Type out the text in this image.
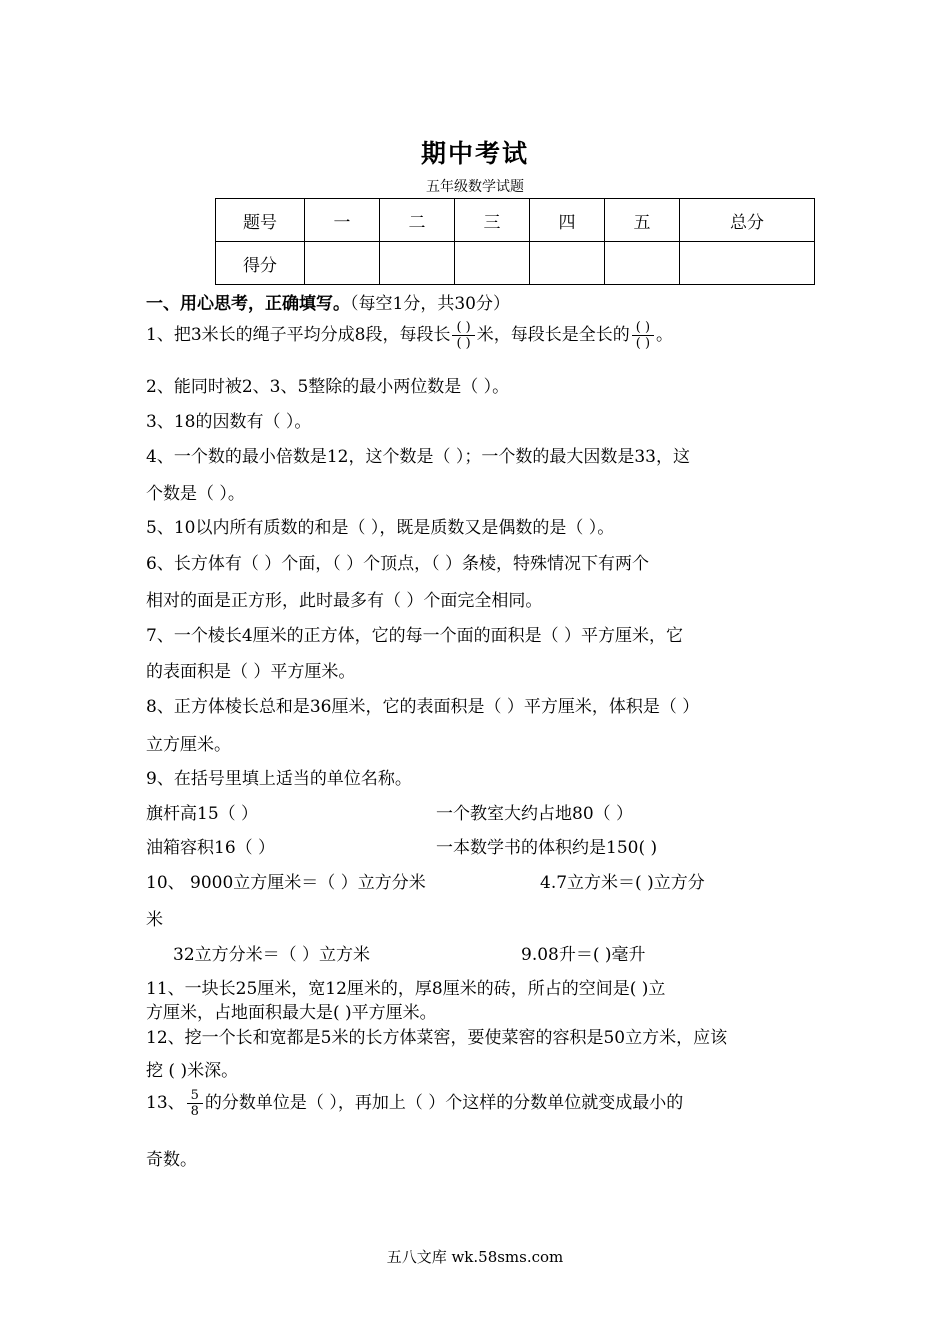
期中考试
五年级数学试题
题号	一	二	三	四	五	总分
得分						
一、用心思考，正确填写。（每空1分，共30分）
1、把3米长的绳子平均分成8段，每段长 $\frac{( )}{( )}$ 米，每段长是全长的 $\frac{( )}{( )}$ 。
2、能同时被2、3、5整除的最小两位数是（ ）。
3、18的因数有（ ）。
4、一个数的最小倍数是12，这个数是（ ）；一个数的最大因数是33，这
个数是（ ）。
5、10以内所有质数的和是（ ），既是质数又是偶数的是（ ）。
6、长方体有（ ）个面，（ ）个顶点，（ ）条棱，特殊情况下有两个
相对的面是正方形，此时最多有（ ）个面完全相同。
7、一个棱长4厘米的正方体，它的每一个面的面积是（ ）平方厘米，它
的表面积是（ ）平方厘米。
8、正方体棱长总和是36厘米，它的表面积是（ ）平方厘米，体积是（ ）
立方厘米。
9、在括号里填上适当的单位名称。
旗杆高15（ ）	一个教室大约占地80（ ）
油箱容积16（ ）	一本数学书的体积约是150( )
10、 9000立方厘米＝（ ）立方分米	4.7立方米＝( )立方分
米
32立方分米＝（ ）立方米	9.08升＝( )毫升
11、一块长25厘米，宽12厘米的，厚8厘米的砖，所占的空间是( )立
方厘米，占地面积最大是( )平方厘米。
12、挖一个长和宽都是5米的长方体菜窖，要使菜窖的容积是50立方米，应该
挖 ( )米深。
13、 $\frac{5}{8}$ 的分数单位是（ ），再加上（ ）个这样的分数单位就变成最小的
奇数。
五八文库 wk.58sms.com
